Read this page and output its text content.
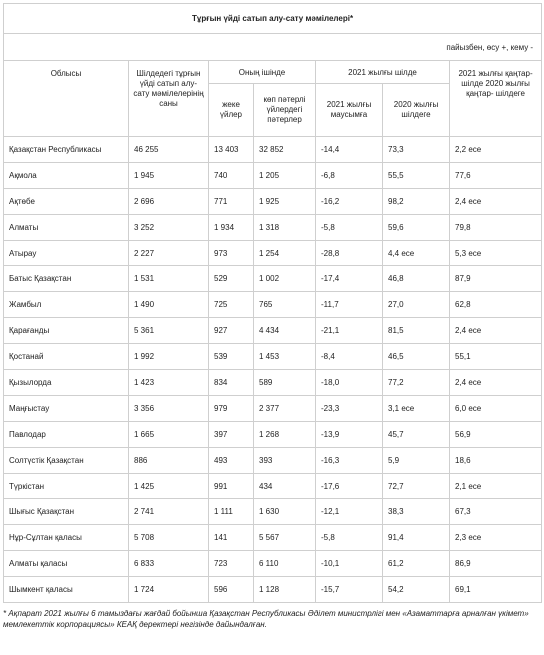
Тұрғын үйді сатып алу-сату мәмілелері*						
пайызбен, өсу +, кему -						
Облысы	Шілдедегі тұрғын үйді сатып алу-сату мәмілелерінің саны	Оның ішінде		2021 жылғы шілде		2021 жылғы қаңтар- шілде 2020 жылғы қаңтар- шілдеге
		жеке үйлер	көп пәтерлі үйлердегі пәтерлер	2021 жылғы маусымға	2020 жылғы шілдеге	
Қазақстан Республикасы	46 255	13 403	32 852	-14,4	73,3	2,2 есе
Ақмола	1 945	740	1 205	-6,8	55,5	77,6
Ақтөбе	2 696	771	1 925	-16,2	98,2	2,4 есе
Алматы	3 252	1 934	1 318	-5,8	59,6	79,8
Атырау	2 227	973	1 254	-28,8	4,4 есе	5,3 есе
Батыс Қазақстан	1 531	529	1 002	-17,4	46,8	87,9
Жамбыл	1 490	725	765	-11,7	27,0	62,8
Қарағанды	5 361	927	4 434	-21,1	81,5	2,4 есе
Қостанай	1 992	539	1 453	-8,4	46,5	55,1
Қызылорда	1 423	834	589	-18,0	77,2	2,4 есе
Маңғыстау	3 356	979	2 377	-23,3	3,1 есе	6,0 есе
Павлодар	1 665	397	1 268	-13,9	45,7	56,9
Солтүстік Қазақстан	886	493	393	-16,3	5,9	18,6
Түркістан	1 425	991	434	-17,6	72,7	2,1 есе
Шығыс Қазақстан	2 741	1 111	1 630	-12,1	38,3	67,3
Нұр-Сұлтан қаласы	5 708	141	5 567	-5,8	91,4	2,3 есе
Алматы қаласы	6 833	723	6 110	-10,1	61,2	86,9
Шымкент қаласы	1 724	596	1 128	-15,7	54,2	69,1
* Ақпарат 2021 жылғы 6 тамыздағы жағдай бойынша Қазақстан Республикасы Әділет министрлігі мен «Азаматтарға арналған үкімет» мемлекеттік корпорациясы» КЕАҚ деректері негізінде дайындалған.
